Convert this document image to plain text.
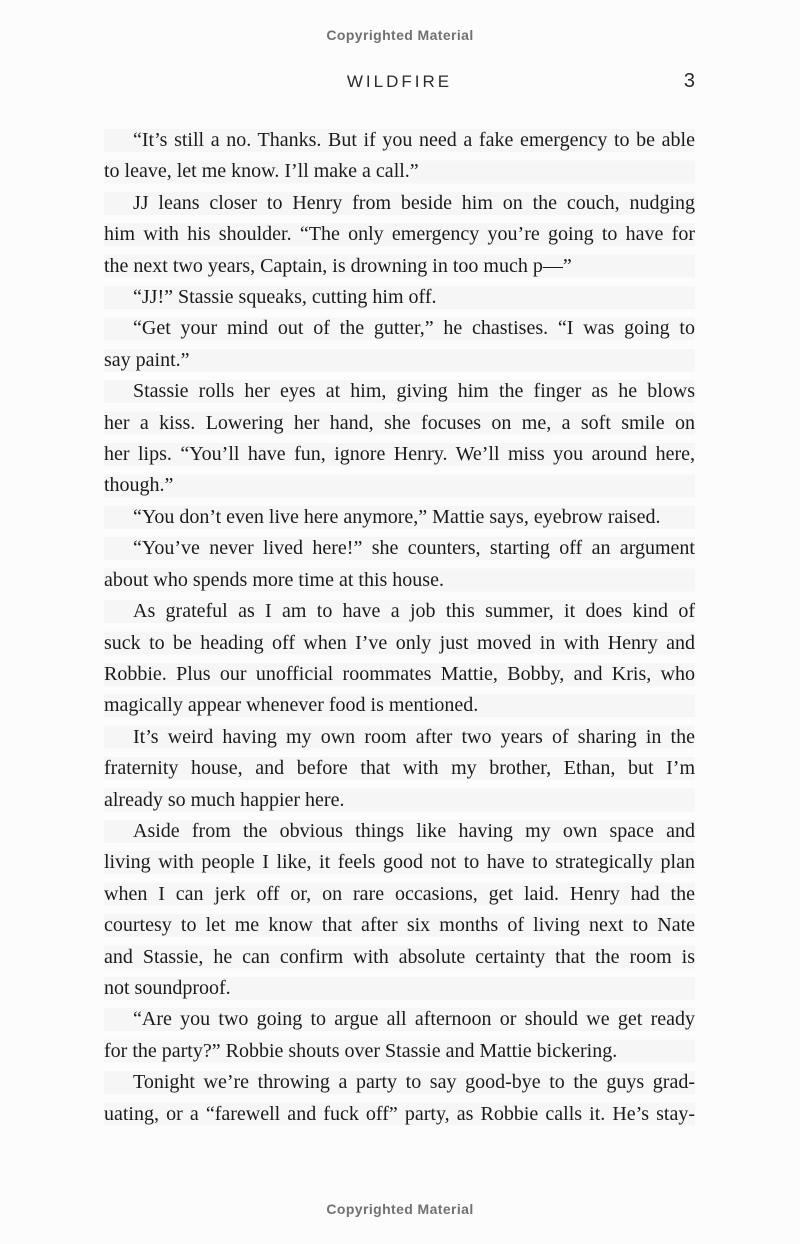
Copyrighted Material
WILDFIRE	3
“It’s still a no. Thanks. But if you need a fake emergency to be able
to leave, let me know. I’ll make a call.”
JJ leans closer to Henry from beside him on the couch, nudging
him with his shoulder. “The only emergency you’re going to have for
the next two years, Captain, is drowning in too much p—”
“JJ!” Stassie squeaks, cutting him off.
“Get your mind out of the gutter,” he chastises. “I was going to
say paint.”
Stassie rolls her eyes at him, giving him the finger as he blows
her a kiss. Lowering her hand, she focuses on me, a soft smile on
her lips. “You’ll have fun, ignore Henry. We’ll miss you around here,
though.”
“You don’t even live here anymore,” Mattie says, eyebrow raised.
“You’ve never lived here!” she counters, starting off an argument
about who spends more time at this house.
As grateful as I am to have a job this summer, it does kind of
suck to be heading off when I’ve only just moved in with Henry and
Robbie. Plus our unofficial roommates Mattie, Bobby, and Kris, who
magically appear whenever food is mentioned.
It’s weird having my own room after two years of sharing in the
fraternity house, and before that with my brother, Ethan, but I’m
already so much happier here.
Aside from the obvious things like having my own space and
living with people I like, it feels good not to have to strategically plan
when I can jerk off or, on rare occasions, get laid. Henry had the
courtesy to let me know that after six months of living next to Nate
and Stassie, he can confirm with absolute certainty that the room is
not soundproof.
“Are you two going to argue all afternoon or should we get ready
for the party?” Robbie shouts over Stassie and Mattie bickering.
Tonight we’re throwing a party to say good-bye to the guys grad-
uating, or a “farewell and fuck off” party, as Robbie calls it. He’s stay-
Copyrighted Material
